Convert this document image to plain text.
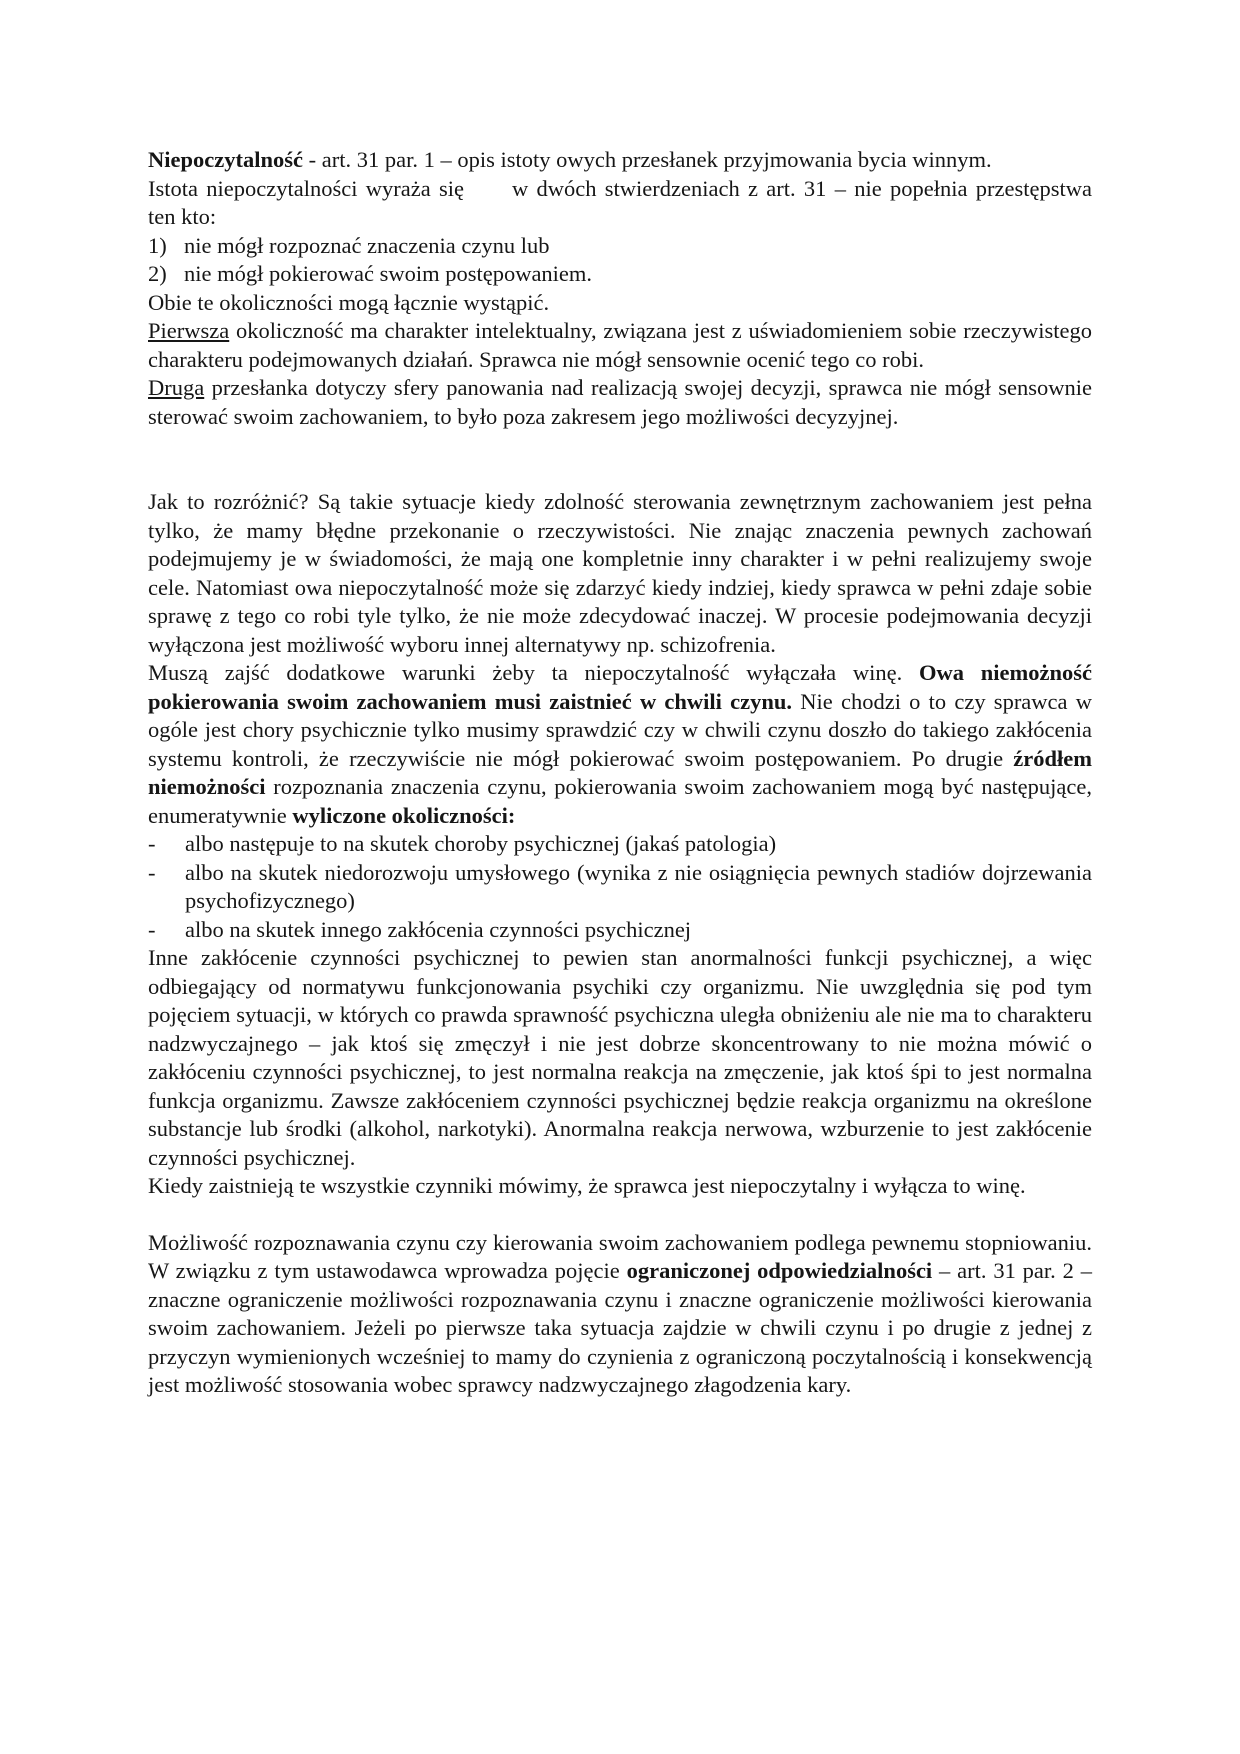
Niepoczytalność - art. 31 par. 1 – opis istoty owych przesłanek przyjmowania bycia winnym.

Istota niepoczytalności wyraża się w dwóch stwierdzeniach z art. 31 – nie popełnia przestępstwa ten kto:

1) nie mógł rozpoznać znaczenia czynu lub
2) nie mógł pokierować swoim postępowaniem.

Obie te okoliczności mogą łącznie wystąpić.

Pierwsza okoliczność ma charakter intelektualny, związana jest z uświadomieniem sobie rzeczywistego charakteru podejmowanych działań. Sprawca nie mógł sensownie ocenić tego co robi.

Druga przesłanka dotyczy sfery panowania nad realizacją swojej decyzji, sprawca nie mógł sensownie sterować swoim zachowaniem, to było poza zakresem jego możliwości decyzyjnej.

Jak to rozróżnić? Są takie sytuacje kiedy zdolność sterowania zewnętrznym zachowaniem jest pełna tylko, że mamy błędne przekonanie o rzeczywistości. Nie znając znaczenia pewnych zachowań podejmujemy je w świadomości, że mają one kompletnie inny charakter i w pełni realizujemy swoje cele. Natomiast owa niepoczytalność może się zdarzyć kiedy indziej, kiedy sprawca w pełni zdaje sobie sprawę z tego co robi tyle tylko, że nie może zdecydować inaczej. W procesie podejmowania decyzji wyłączona jest możliwość wyboru innej alternatywy np. schizofrenia.

Muszą zajść dodatkowe warunki żeby ta niepoczytalność wyłączała winę. Owa niemożność pokierowania swoim zachowaniem musi zaistnieć w chwili czynu. Nie chodzi o to czy sprawca w ogóle jest chory psychicznie tylko musimy sprawdzić czy w chwili czynu doszło do takiego zakłócenia systemu kontroli, że rzeczywiście nie mógł pokierować swoim postępowaniem. Po drugie źródłem niemożności rozpoznania znaczenia czynu, pokierowania swoim zachowaniem mogą być następujące, enumeratywnie wyliczone okoliczności:

- albo następuje to na skutek choroby psychicznej (jakaś patologia)
- albo na skutek niedorozwoju umysłowego (wynika z nie osiągnięcia pewnych stadiów dojrzewania psychofizycznego)
- albo na skutek innego zakłócenia czynności psychicznej

Inne zakłócenie czynności psychicznej to pewien stan anormalności funkcji psychicznej, a więc odbiegający od normatywu funkcjonowania psychiki czy organizmu. Nie uwzględnia się pod tym pojęciem sytuacji, w których co prawda sprawność psychiczna uległa obniżeniu ale nie ma to charakteru nadzwyczajnego – jak ktoś się zmęczył i nie jest dobrze skoncentrowany to nie można mówić o zakłóceniu czynności psychicznej, to jest normalna reakcja na zmęczenie, jak ktoś śpi to jest normalna funkcja organizmu. Zawsze zakłóceniem czynności psychicznej będzie reakcja organizmu na określone substancje lub środki (alkohol, narkotyki). Anormalna reakcja nerwowa, wzburzenie to jest zakłócenie czynności psychicznej.

Kiedy zaistnieją te wszystkie czynniki mówimy, że sprawca jest niepoczytalny i wyłącza to winę.

Możliwość rozpoznawania czynu czy kierowania swoim zachowaniem podlega pewnemu stopniowaniu. W związku z tym ustawodawca wprowadza pojęcie ograniczonej odpowiedzialności – art. 31 par. 2 – znaczne ograniczenie możliwości rozpoznawania czynu i znaczne ograniczenie możliwości kierowania swoim zachowaniem. Jeżeli po pierwsze taka sytuacja zajdzie w chwili czynu i po drugie z jednej z przyczyn wymienionych wcześniej to mamy do czynienia z ograniczoną poczytalnością i konsekwencją jest możliwość stosowania wobec sprawcy nadzwyczajnego złagodzenia kary.
